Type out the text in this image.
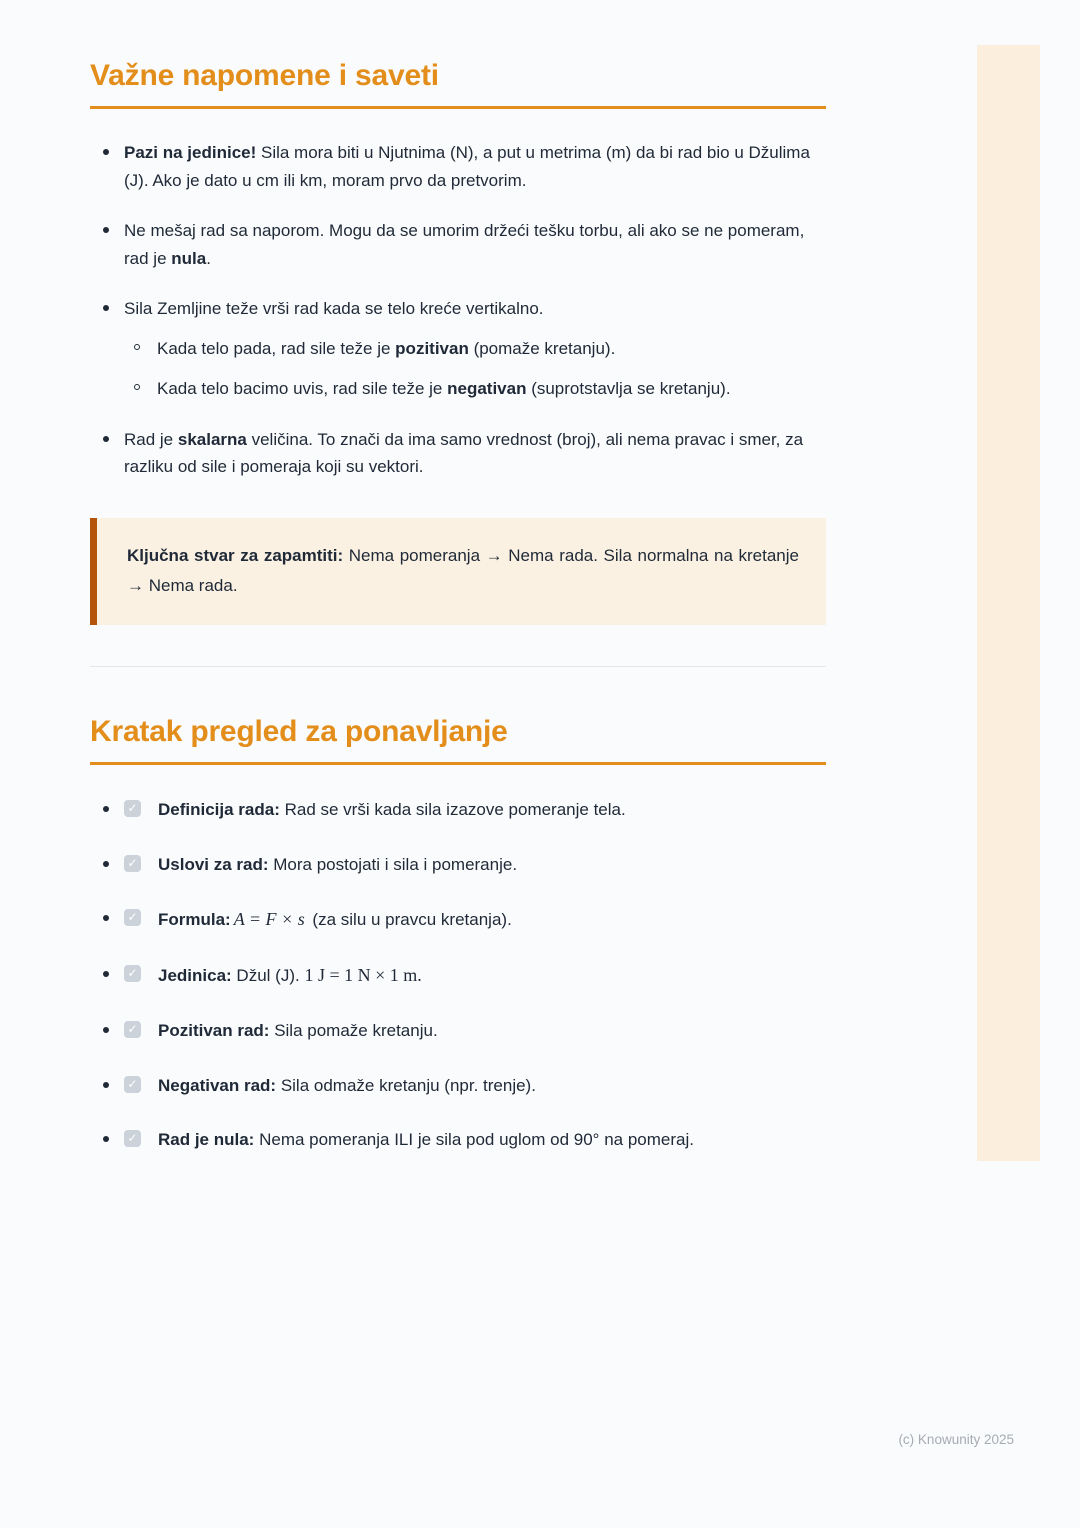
Važne napomene i saveti
Pazi na jedinice! Sila mora biti u Njutnima (N), a put u metrima (m) da bi rad bio u Džulima (J). Ako je dato u cm ili km, moram prvo da pretvorim.
Ne mešaj rad sa naporom. Mogu da se umorim držeći tešku torbu, ali ako se ne pomeram, rad je nula.
Sila Zemljine teže vrši rad kada se telo kreće vertikalno.
Kada telo pada, rad sile teže je pozitivan (pomaže kretanju).
Kada telo bacimo uvis, rad sile teže je negativan (suprotstavlja se kretanju).
Rad je skalarna veličina. To znači da ima samo vrednost (broj), ali nema pravac i smer, za razliku od sile i pomeraja koji su vektori.

Ključna stvar za zapamtiti: Nema pomeranja → Nema rada. Sila normalna na kretanje → Nema rada.

Kratak pregled za ponavljanje
✓ Definicija rada: Rad se vrši kada sila izazove pomeranje tela.
✓ Uslovi za rad: Mora postojati i sila i pomeranje.
✓ Formula: A = F × s (za silu u pravcu kretanja).
✓ Jedinica: Džul (J). 1 J = 1 N × 1 m.
✓ Pozitivan rad: Sila pomaže kretanju.
✓ Negativan rad: Sila odmaže kretanju (npr. trenje).
✓ Rad je nula: Nema pomeranja ILI je sila pod uglom od 90° na pomeraj.
(c) Knowunity 2025
